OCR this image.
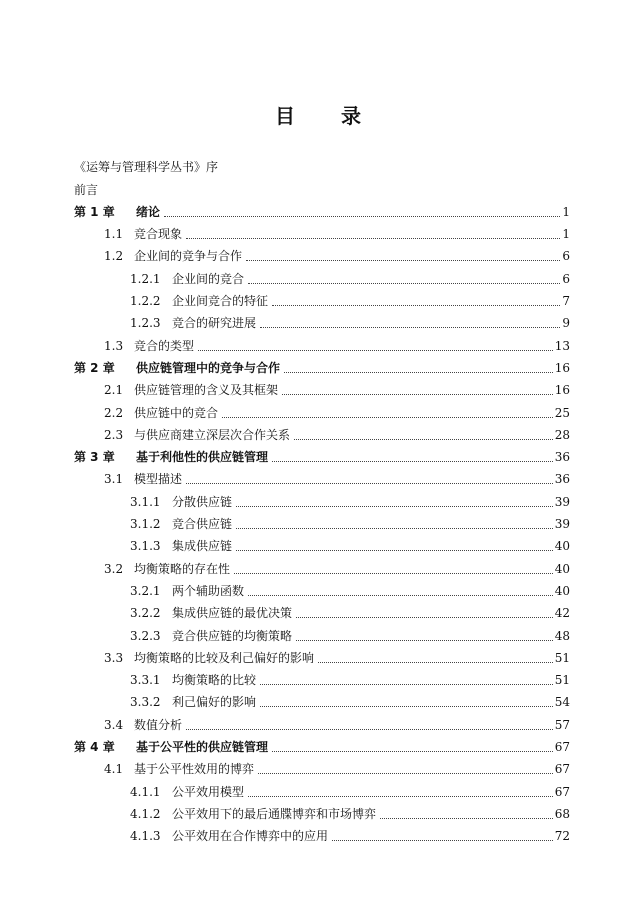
目 录
《运筹与管理科学丛书》序
前言
第 1 章	绪论	1
1.1 竞合现象	1
1.2 企业间的竞争与合作	6
1.2.1 企业间的竞合	6
1.2.2 企业间竞合的特征	7
1.2.3 竞合的研究进展	9
1.3 竞合的类型	13
第 2 章	供应链管理中的竞争与合作	16
2.1 供应链管理的含义及其框架	16
2.2 供应链中的竞合	25
2.3 与供应商建立深层次合作关系	28
第 3 章	基于利他性的供应链管理	36
3.1 模型描述	36
3.1.1 分散供应链	39
3.1.2 竞合供应链	39
3.1.3 集成供应链	40
3.2 均衡策略的存在性	40
3.2.1 两个辅助函数	40
3.2.2 集成供应链的最优决策	42
3.2.3 竞合供应链的均衡策略	48
3.3 均衡策略的比较及利己偏好的影响	51
3.3.1 均衡策略的比较	51
3.3.2 利己偏好的影响	54
3.4 数值分析	57
第 4 章	基于公平性的供应链管理	67
4.1 基于公平性效用的博弈	67
4.1.1 公平效用模型	67
4.1.2 公平效用下的最后通牒博弈和市场博弈	68
4.1.3 公平效用在合作博弈中的应用	72
